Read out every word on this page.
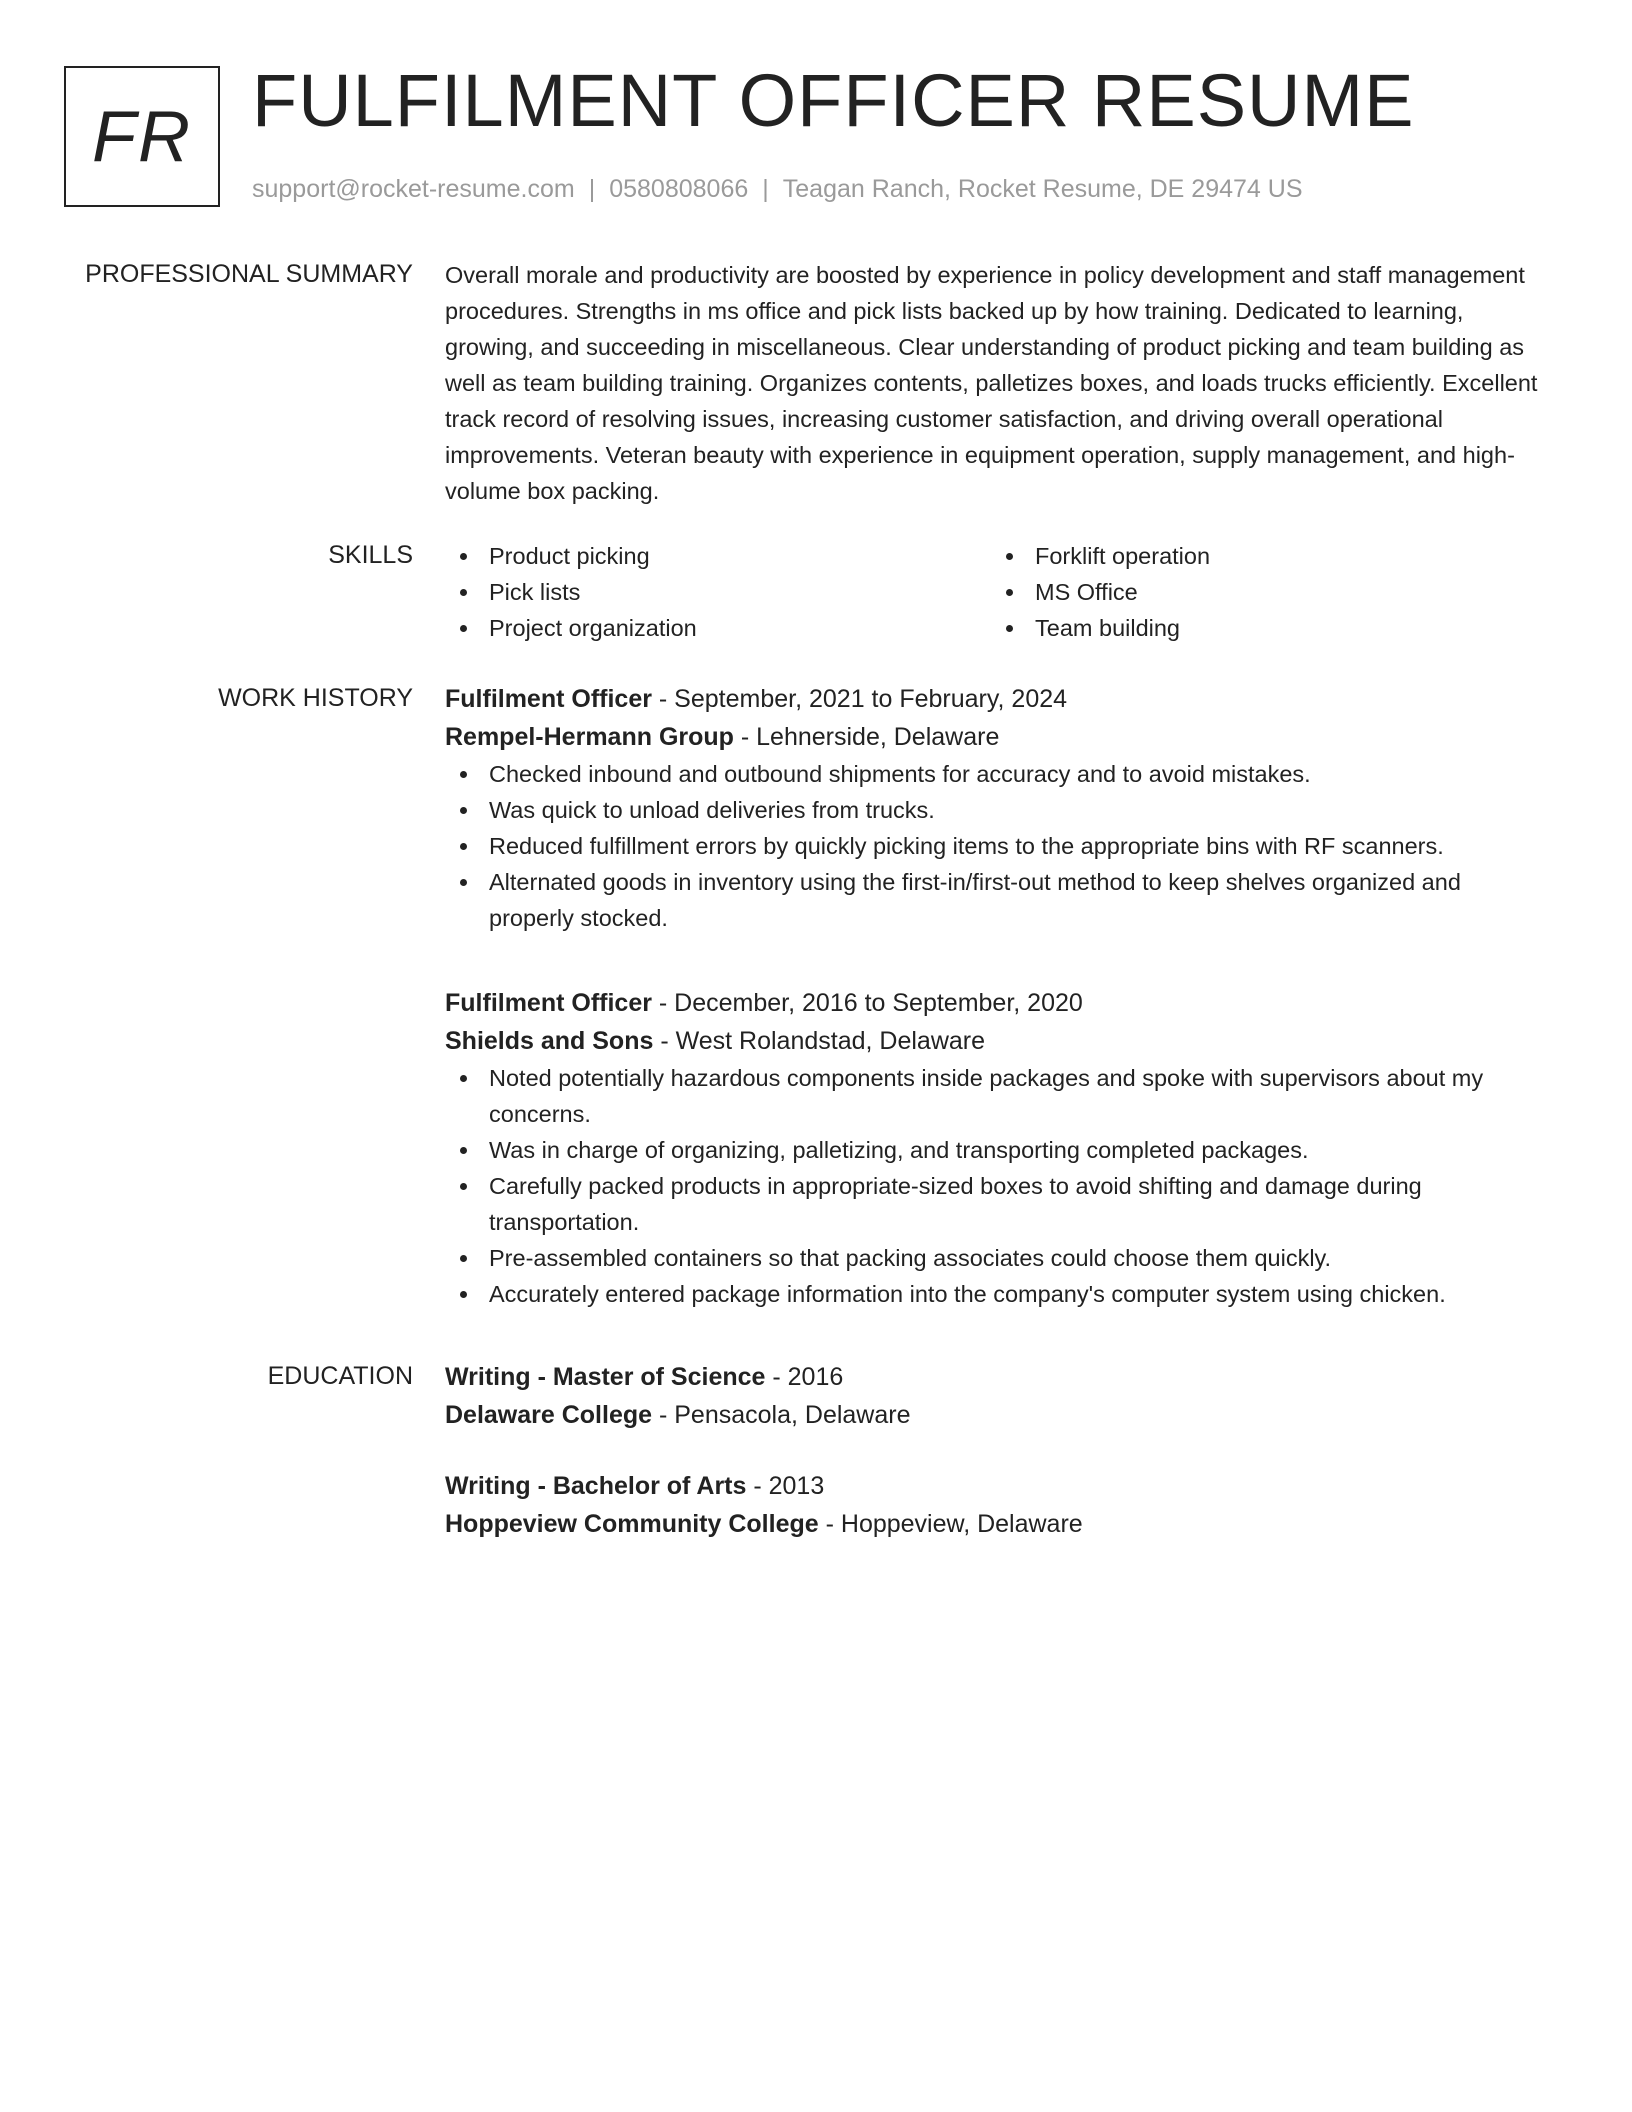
FR FULFILMENT OFFICER RESUME
support@rocket-resume.com | 0580808066 | Teagan Ranch, Rocket Resume, DE 29474 US
PROFESSIONAL SUMMARY Overall morale and productivity are boosted by experience in policy development and staff management procedures. Strengths in ms office and pick lists backed up by how training. Dedicated to learning, growing, and succeeding in miscellaneous. Clear understanding of product picking and team building as well as team building training. Organizes contents, palletizes boxes, and loads trucks efficiently. Excellent track record of resolving issues, increasing customer satisfaction, and driving overall operational improvements. Veteran beauty with experience in equipment operation, supply management, and high-volume box packing.

SKILLS	Product picking
Pick lists
Project organization
Forklift operation
MS Office
Team building
WORK HISTORY Fulfilment Officer - September, 2021 to February, 2024
Rempel-Hermann Group - Lehnerside, Delaware
Checked inbound and outbound shipments for accuracy and to avoid mistakes.
Was quick to unload deliveries from trucks.
Reduced fulfillment errors by quickly picking items to the appropriate bins with RF scanners.
Alternated goods in inventory using the first-in/first-out method to keep shelves organized and properly stocked.
Fulfilment Officer - December, 2016 to September, 2020
Shields and Sons - West Rolandstad, Delaware
Noted potentially hazardous components inside packages and spoke with supervisors about my concerns.
Was in charge of organizing, palletizing, and transporting completed packages.
Carefully packed products in appropriate-sized boxes to avoid shifting and damage during transportation.
Pre-assembled containers so that packing associates could choose them quickly.
Accurately entered package information into the company's computer system using chicken.
EDUCATION Writing - Master of Science - 2016
Delaware College - Pensacola, Delaware
Writing - Bachelor of Arts - 2013
Hoppeview Community College - Hoppeview, Delaware
